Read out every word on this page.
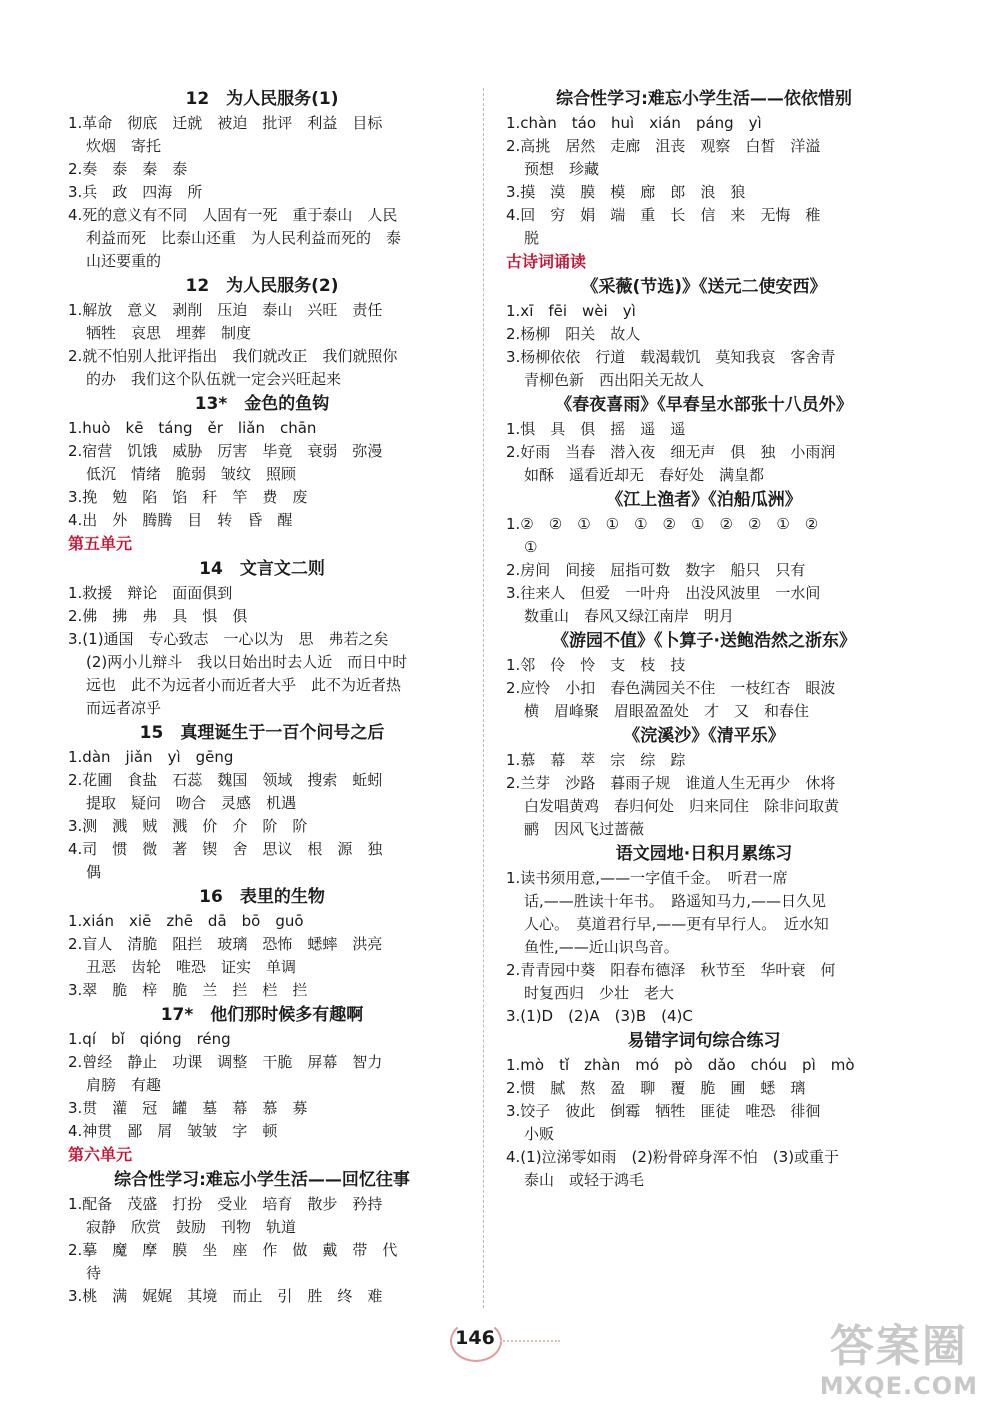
12　为人民服务(1)
1.革命　彻底　迁就　被迫　批评　利益　目标
炊烟　寄托
2.奏　泰　秦　泰
3.兵　政　四海　所
4.死的意义有不同　人固有一死　重于泰山　人民
利益而死　比泰山还重　为人民利益而死的　泰
山还要重的
12　为人民服务(2)
1.解放　意义　剥削　压迫　泰山　兴旺　责任
牺牲　哀思　埋葬　制度
2.就不怕别人批评指出　我们就改正　我们就照你
的办　我们这个队伍就一定会兴旺起来
13*　金色的鱼钩
1.huò　kē　táng　ěr　liǎn　chān
2.宿营　饥饿　威胁　厉害　毕竟　衰弱　弥漫
低沉　情绪　脆弱　皱纹　照顾
3.挽　勉　陷　馅　秆　竿　费　废
4.出　外　腾腾　目　转　昏　醒
第五单元
14　文言文二则
1.救援　辩论　面面俱到
2.佛　拂　弗　具　惧　俱
3.(1)通国　专心致志　一心以为　思　弗若之矣
(2)两小儿辩斗　我以日始出时去人近　而日中时
远也　此不为远者小而近者大乎　此不为近者热
而远者凉乎
15　真理诞生于一百个问号之后
1.dàn　jiǎn　yì　gēng
2.花圃　食盐　石蕊　魏国　领域　搜索　蚯蚓
提取　疑问　吻合　灵感　机遇
3.测　溅　贼　溅　价　介　阶　阶
4.司　惯　微　著　锲　舍　思议　根　源　独
偶
16　表里的生物
1.xián　xiē　zhē　dā　bō　guō
2.盲人　清脆　阻拦　玻璃　恐怖　蟋蟀　洪亮
丑恶　齿轮　唯恐　证实　单调
3.翠　脆　梓　脆　兰　拦　栏　拦
17*　他们那时候多有趣啊
1.qí　bǐ　qióng　réng
2.曾经　静止　功课　调整　干脆　屏幕　智力
肩膀　有趣
3.贯　灌　冠　罐　墓　幕　慕　募
4.神贯　鄙　屑　皱皱　字　顿
第六单元
综合性学习:难忘小学生活——回忆往事
1.配备　茂盛　打扮　受业　培育　散步　矜持
寂静　欣赏　鼓励　刊物　轨道
2.摹　魔　摩　膜　坐　座　作　做　戴　带　代
待
3.桃　满　娓娓　其境　而止　引　胜　终　难
综合性学习:难忘小学生活——依依惜别
1.chàn　táo　huì　xián　páng　yì
2.高挑　居然　走廊　沮丧　观察　白皙　洋溢
预想　珍藏
3.摸　漠　膜　模　廊　郎　浪　狼
4.回　穷　娟　端　重　长　信　来　无悔　稚
脱
古诗词诵读
《采薇(节选)》《送元二使安西》
1.xī　fēi　wèi　yì
2.杨柳　阳关　故人
3.杨柳依依　行道　载渴载饥　莫知我哀　客舍青
青柳色新　西出阳关无故人
《春夜喜雨》《早春呈水部张十八员外》
1.惧　具　俱　摇　遥　遥
2.好雨　当春　潜入夜　细无声　俱　独　小雨润
如酥　遥看近却无　春好处　满皇都
《江上渔者》《泊船瓜洲》
1.②　②　①　①　①　②　①　②　②　①　②
①
2.房间　间接　屈指可数　数字　船只　只有
3.往来人　但爱　一叶舟　出没风波里　一水间
数重山　春风又绿江南岸　明月
《游园不值》《卜算子·送鲍浩然之浙东》
1.邻　伶　怜　支　枝　技
2.应怜　小扣　春色满园关不住　一枝红杏　眼波
横　眉峰聚　眉眼盈盈处　才　又　和春住
《浣溪沙》《清平乐》
1.慕　幕　萃　宗　综　踪
2.兰芽　沙路　暮雨子规　谁道人生无再少　休将
白发唱黄鸡　春归何处　归来同住　除非问取黄
鹂　因风飞过蔷薇
语文园地·日积月累练习
1.读书须用意,——一字值千金。　听君一席
话,——胜读十年书。　路遥知马力,——日久见
人心。　莫道君行早,——更有早行人。　近水知
鱼性,——近山识鸟音。
2.青青园中葵　阳春布德泽　秋节至　华叶衰　何
时复西归　少壮　老大
3.(1)D　(2)A　(3)B　(4)C
易错字词句综合练习
1.mò　tǐ　zhàn　mó　pò　dǎo　chóu　pì　mò
2.惯　腻　熬　盈　聊　覆　脆　圃　蟋　璃
3.饺子　彼此　倒霉　牺牲　匪徒　唯恐　徘徊
小贩
4.(1)泣涕零如雨　(2)粉骨碎身浑不怕　(3)或重于
泰山　或轻于鸿毛
146	答案圈
MXQE.COM
